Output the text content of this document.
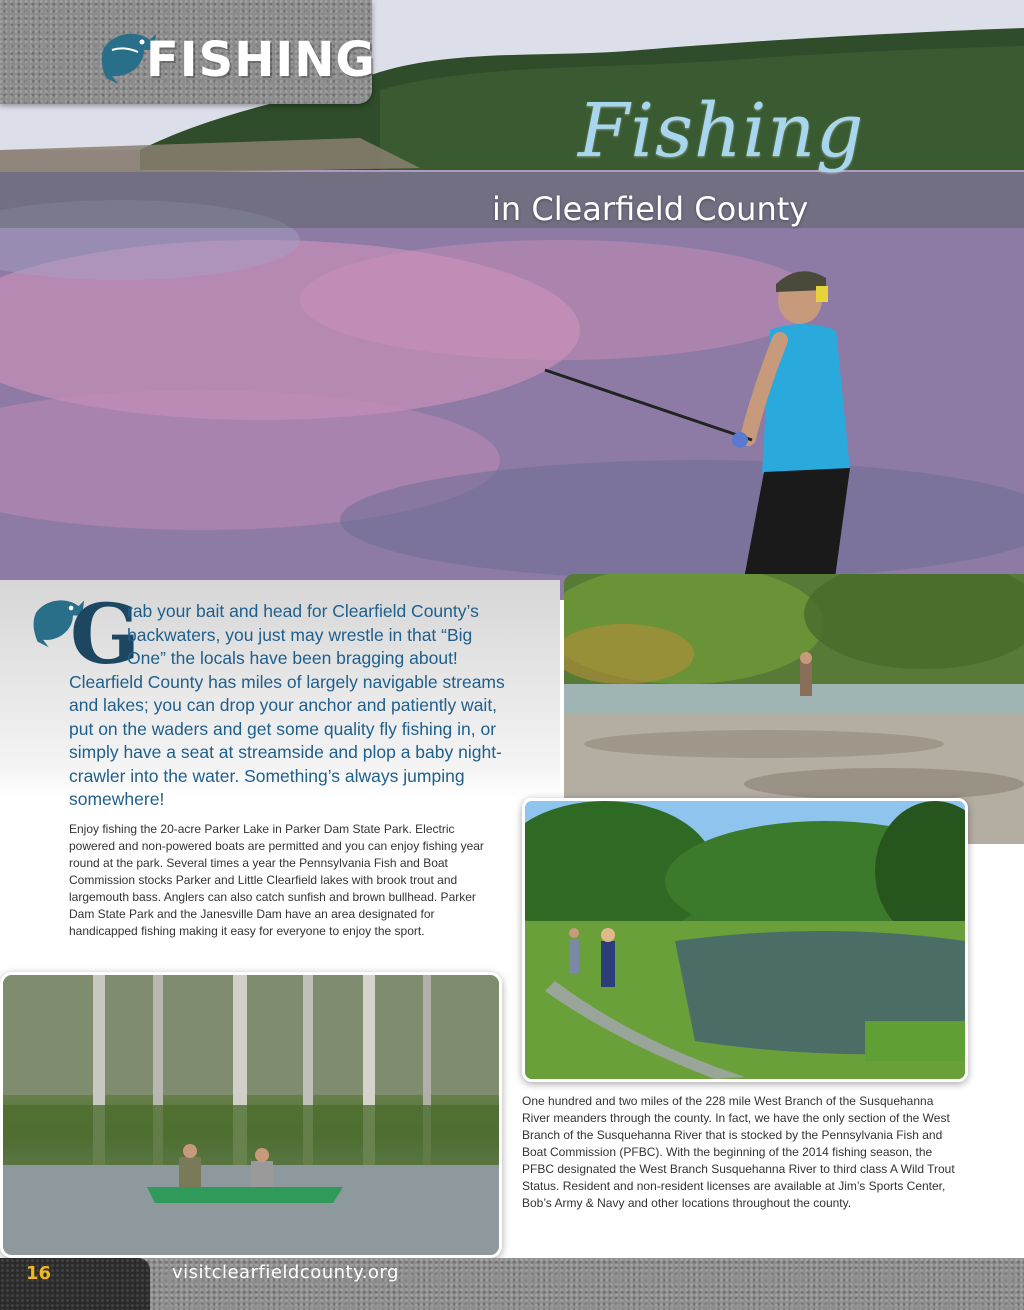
FISHING
Fishing
in Clearfield County
G

rab your bait and head for Clearfield County’s backwaters, you just may wrestle in that “Big One” the locals have been bragging about! Clearfield County has miles of largely navigable streams and lakes; you can drop your anchor and patiently wait, put on the waders and get some quality fly fishing in, or simply have a seat at streamside and plop a baby night-crawler into the water. Something’s always jumping somewhere!

Enjoy fishing the 20-acre Parker Lake in Parker Dam State Park. Electric powered and non-powered boats are permitted and you can enjoy fishing year round at the park. Several times a year the Pennsylvania Fish and Boat Commission stocks Parker and Little Clearfield lakes with brook trout and largemouth bass. Anglers can also catch sunfish and brown bullhead. Parker Dam State Park and the Janesville Dam have an area designated for handicapped fishing making it easy for everyone to enjoy the sport.

One hundred and two miles of the 228 mile West Branch of the Susquehanna River meanders through the county. In fact, we have the only section of the West Branch of the Susquehanna River that is stocked by the Pennsylvania Fish and Boat Commission (PFBC). With the beginning of the 2014 fishing season, the PFBC designated the West Branch Susquehanna River to third class A Wild Trout Status. Resident and non-resident licenses are available at Jim’s Sports Center, Bob’s Army & Navy and other locations throughout the county.

16	visitclearfieldcounty.org
